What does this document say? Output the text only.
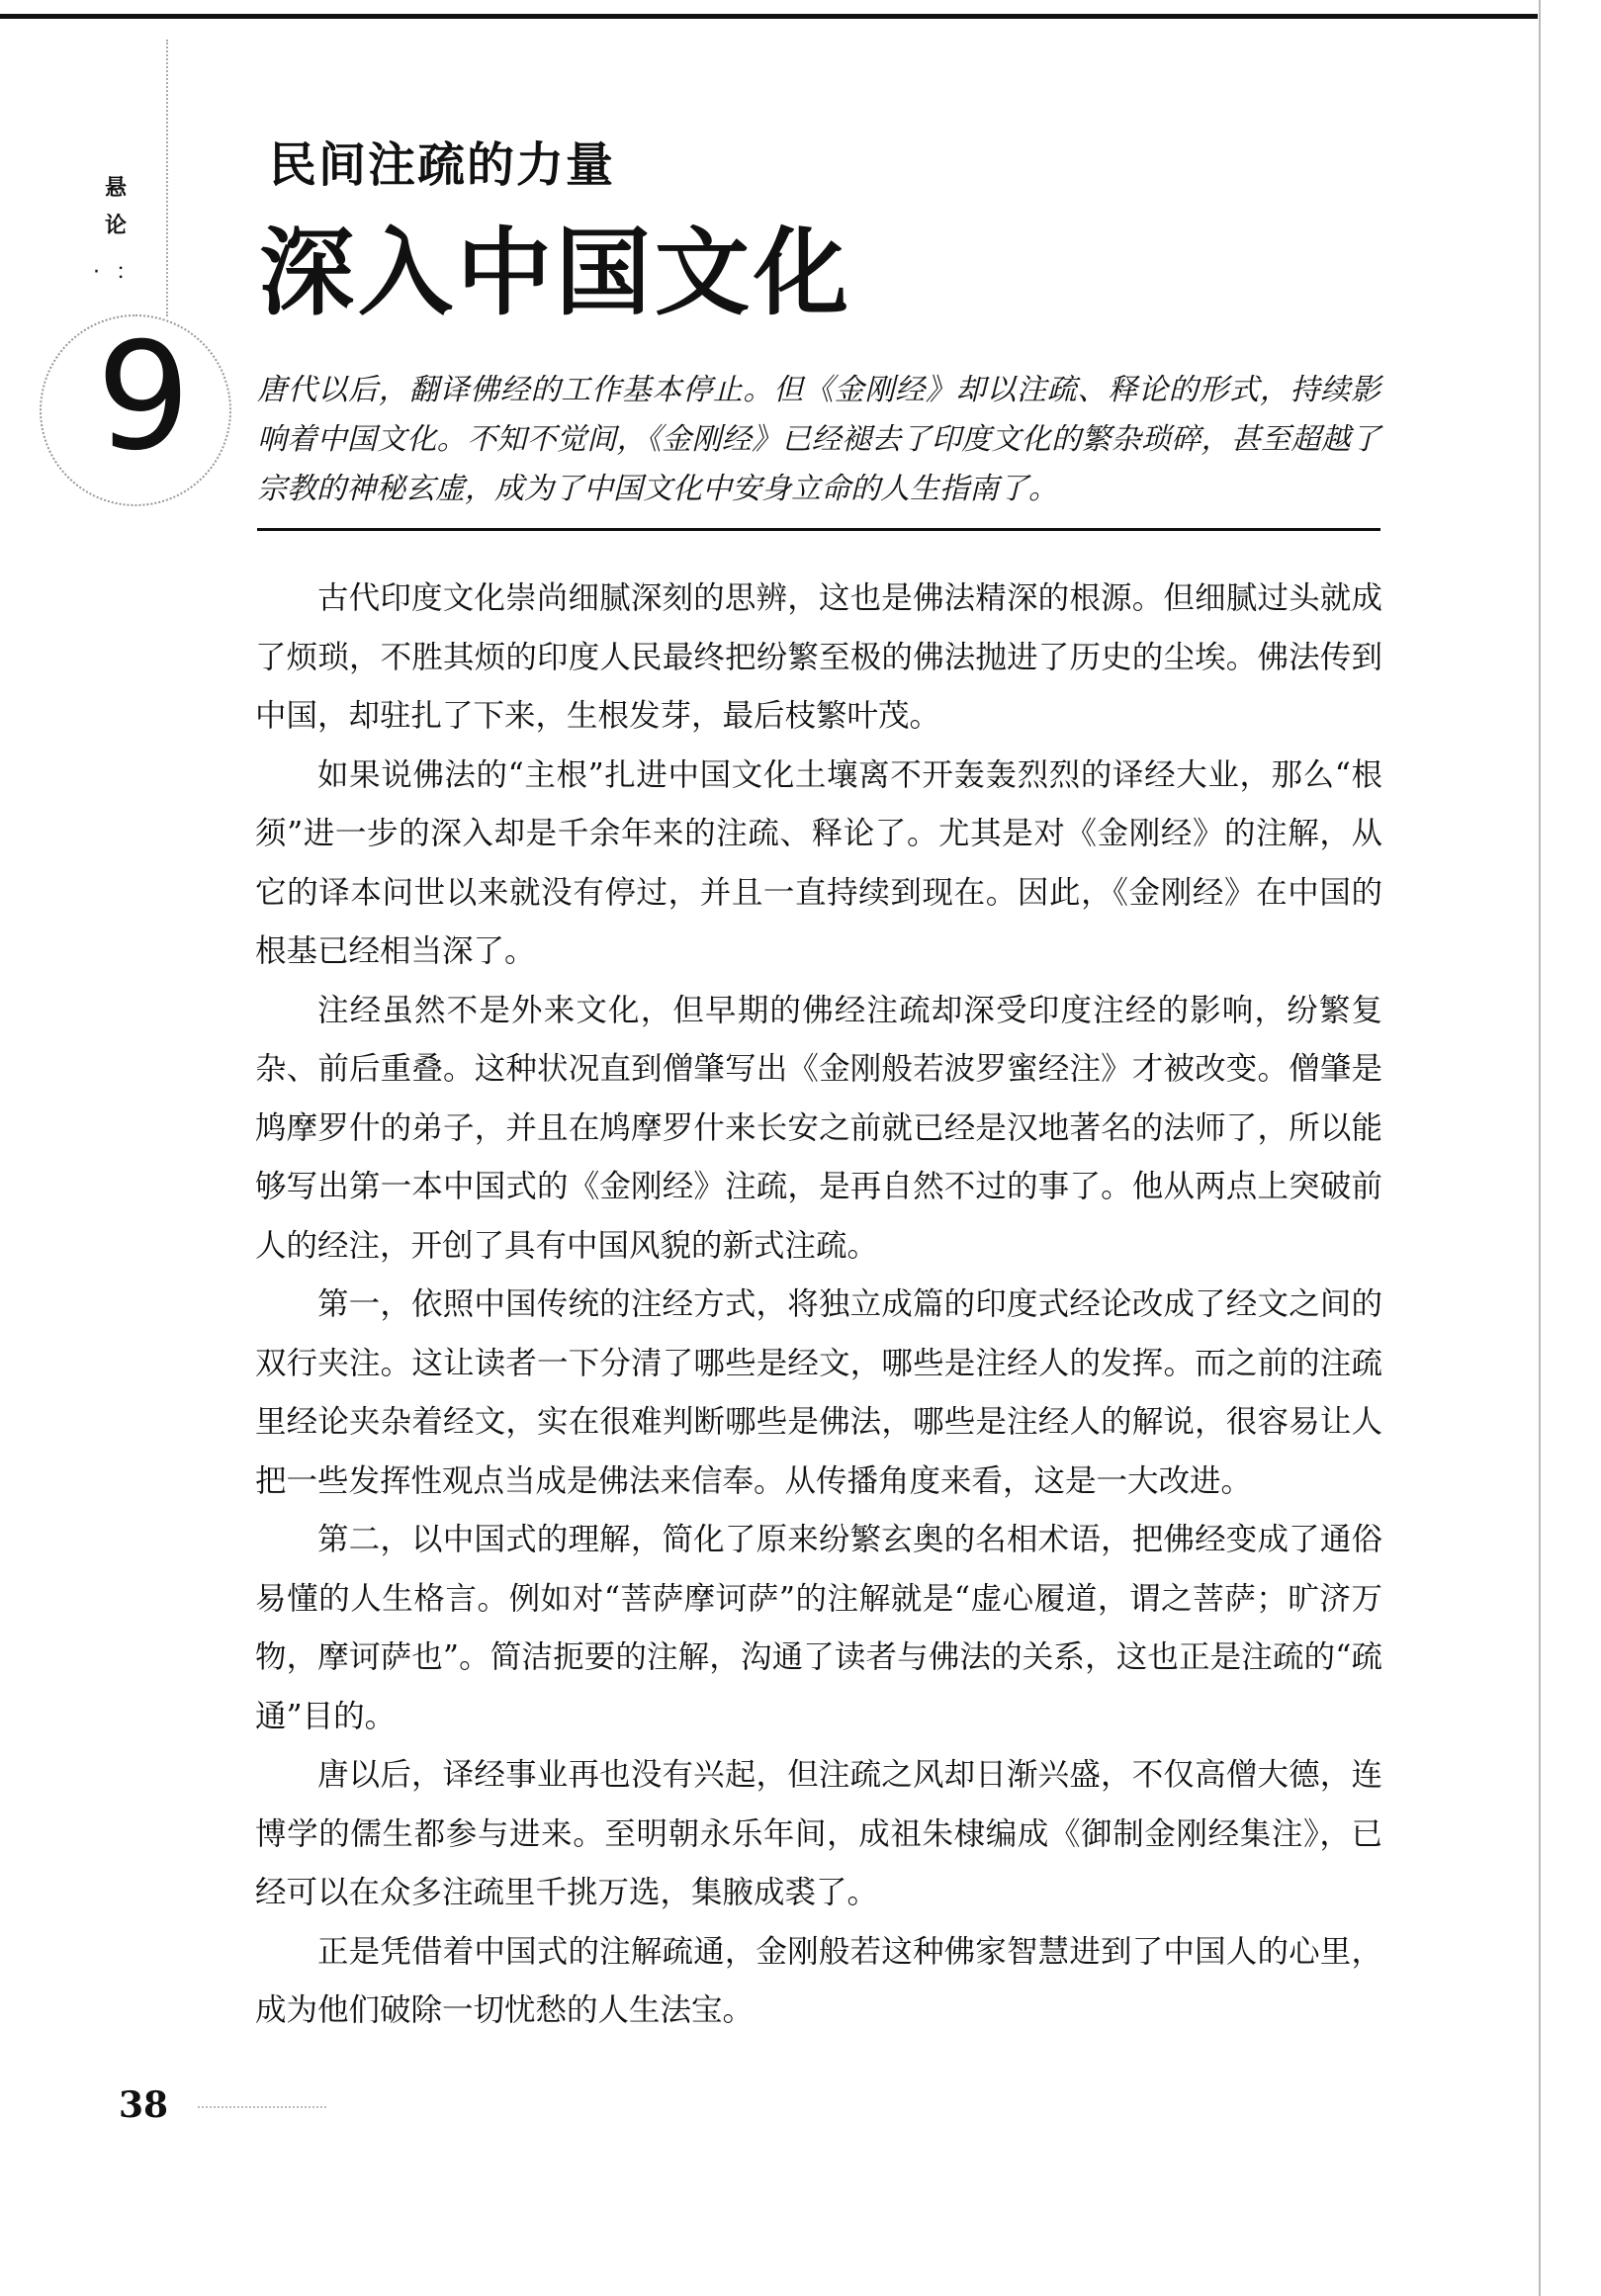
悬
论
·：
9
民间注疏的力量
深入中国文化
唐代以后，翻译佛经的工作基本停止。但《金刚经》却以注疏、释论的形式，持续影响着中国文化。不知不觉间，《金刚经》已经褪去了印度文化的繁杂琐碎，甚至超越了宗教的神秘玄虚，成为了中国文化中安身立命的人生指南了。

古代印度文化崇尚细腻深刻的思辨，这也是佛法精深的根源。但细腻过头就成了烦琐，不胜其烦的印度人民最终把纷繁至极的佛法抛进了历史的尘埃。佛法传到中国，却驻扎了下来，生根发芽，最后枝繁叶茂。

如果说佛法的“主根”扎进中国文化土壤离不开轰轰烈烈的译经大业，那么“根须”进一步的深入却是千余年来的注疏、释论了。尤其是对《金刚经》的注解，从它的译本问世以来就没有停过，并且一直持续到现在。因此，《金刚经》在中国的根基已经相当深了。

注经虽然不是外来文化，但早期的佛经注疏却深受印度注经的影响，纷繁复杂、前后重叠。这种状况直到僧肇写出《金刚般若波罗蜜经注》才被改变。僧肇是鸠摩罗什的弟子，并且在鸠摩罗什来长安之前就已经是汉地著名的法师了，所以能够写出第一本中国式的《金刚经》注疏，是再自然不过的事了。他从两点上突破前人的经注，开创了具有中国风貌的新式注疏。

第一，依照中国传统的注经方式，将独立成篇的印度式经论改成了经文之间的双行夹注。这让读者一下分清了哪些是经文，哪些是注经人的发挥。而之前的注疏里经论夹杂着经文，实在很难判断哪些是佛法，哪些是注经人的解说，很容易让人把一些发挥性观点当成是佛法来信奉。从传播角度来看，这是一大改进。

第二，以中国式的理解，简化了原来纷繁玄奥的名相术语，把佛经变成了通俗易懂的人生格言。例如对“菩萨摩诃萨”的注解就是“虚心履道，谓之菩萨；旷济万物，摩诃萨也”。简洁扼要的注解，沟通了读者与佛法的关系，这也正是注疏的“疏通”目的。

唐以后，译经事业再也没有兴起，但注疏之风却日渐兴盛，不仅高僧大德，连博学的儒生都参与进来。至明朝永乐年间，成祖朱棣编成《御制金刚经集注》，已经可以在众多注疏里千挑万选，集腋成裘了。

正是凭借着中国式的注解疏通，金刚般若这种佛家智慧进到了中国人的心里，成为他们破除一切忧愁的人生法宝。

38
